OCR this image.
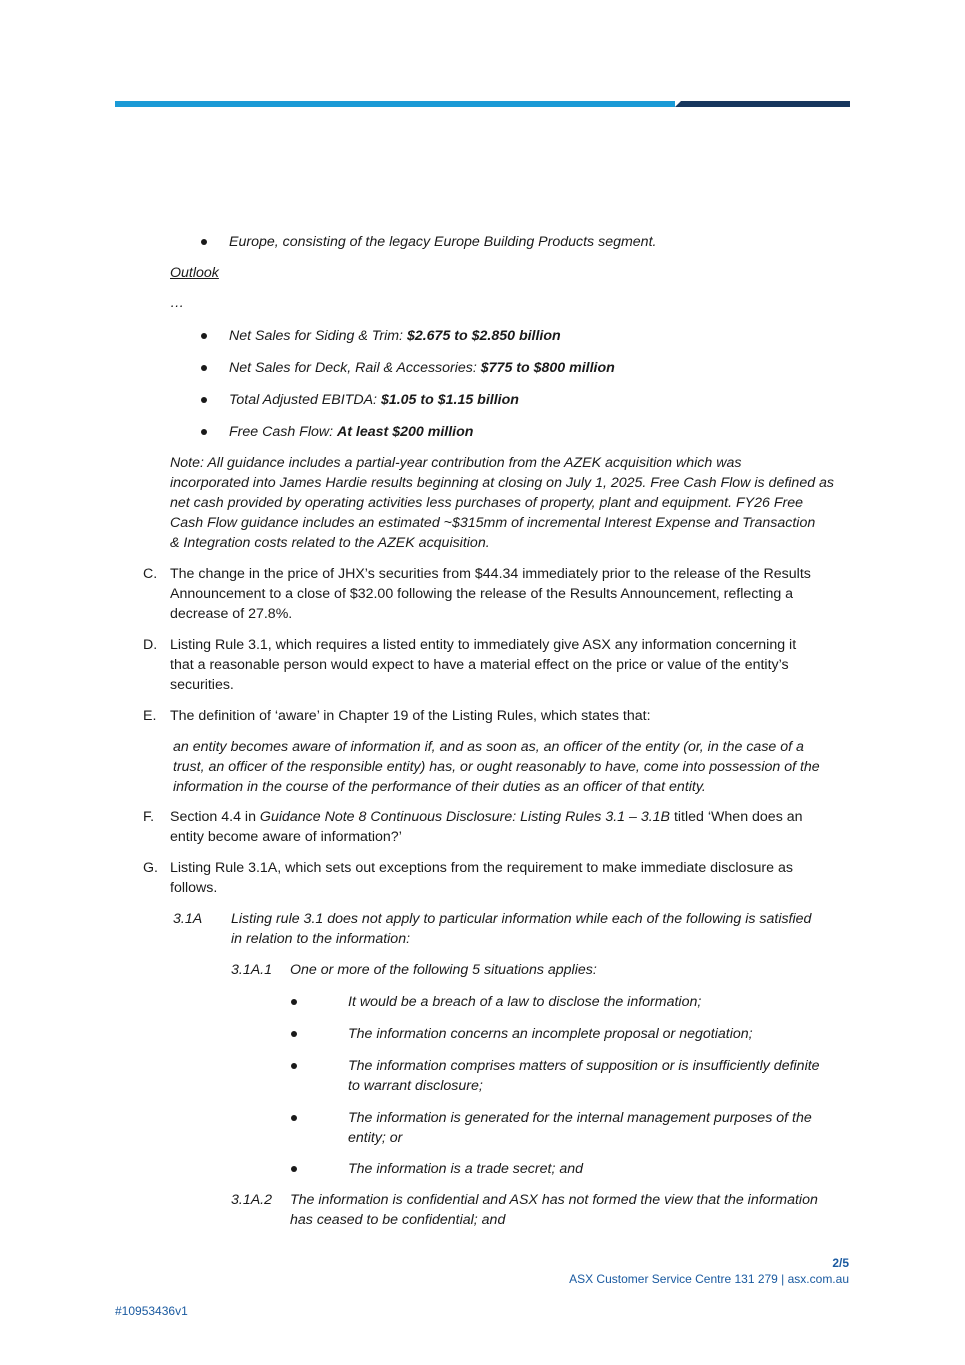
Europe, consisting of the legacy Europe Building Products segment.
Outlook
…
Net Sales for Siding & Trim: $2.675 to $2.850 billion
Net Sales for Deck, Rail & Accessories: $775 to $800 million
Total Adjusted EBITDA: $1.05 to $1.15 billion
Free Cash Flow: At least $200 million
Note: All guidance includes a partial-year contribution from the AZEK acquisition which was
incorporated into James Hardie results beginning at closing on July 1, 2025. Free Cash Flow is defined as
net cash provided by operating activities less purchases of property, plant and equipment. FY26 Free
Cash Flow guidance includes an estimated ~$315mm of incremental Interest Expense and Transaction
& Integration costs related to the AZEK acquisition.
C. The change in the price of JHX’s securities from $44.34 immediately prior to the release of the Results
Announcement to a close of $32.00 following the release of the Results Announcement, reflecting a
decrease of 27.8%.
D. Listing Rule 3.1, which requires a listed entity to immediately give ASX any information concerning it
that a reasonable person would expect to have a material effect on the price or value of the entity’s
securities.
E. The definition of ‘aware’ in Chapter 19 of the Listing Rules, which states that:
an entity becomes aware of information if, and as soon as, an officer of the entity (or, in the case of a
trust, an officer of the responsible entity) has, or ought reasonably to have, come into possession of the
information in the course of the performance of their duties as an officer of that entity.
F. Section 4.4 in Guidance Note 8 Continuous Disclosure: Listing Rules 3.1 – 3.1B titled ‘When does an
entity become aware of information?’
G. Listing Rule 3.1A, which sets out exceptions from the requirement to make immediate disclosure as
follows.
3.1A Listing rule 3.1 does not apply to particular information while each of the following is satisfied
in relation to the information:
3.1A.1 One or more of the following 5 situations applies:
It would be a breach of a law to disclose the information;
The information concerns an incomplete proposal or negotiation;
The information comprises matters of supposition or is insufficiently definite
to warrant disclosure;
The information is generated for the internal management purposes of the
entity; or
The information is a trade secret; and
3.1A.2 The information is confidential and ASX has not formed the view that the information
has ceased to be confidential; and
2/5
ASX Customer Service Centre 131 279 | asx.com.au
#10953436v1
